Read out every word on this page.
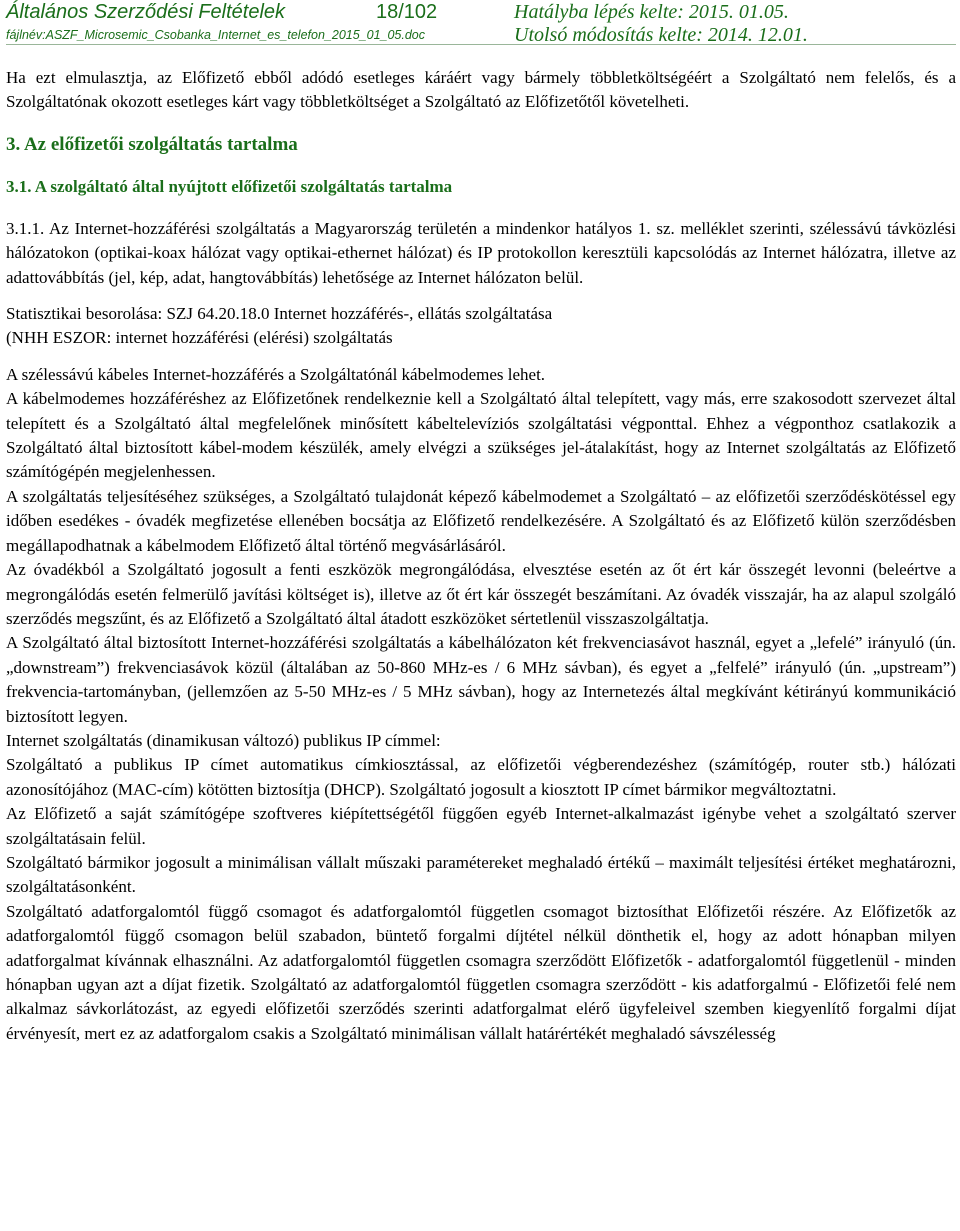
Általános Szerződési Feltételek	18/102	Hatályba lépés kelte: 2015. 01.05.
fájlnév:ASZF_Microsemic_Csobanka_Internet_es_telefon_2015_01_05.doc	Utolsó módosítás kelte: 2014. 12.01.

Ha ezt elmulasztja, az Előfizető ebből adódó esetleges káráért vagy bármely többletköltségéért a Szolgáltató nem felelős, és a Szolgáltatónak okozott esetleges kárt vagy többletköltséget a Szolgáltató az Előfizetőtől követelheti.

3. Az előfizetői szolgáltatás tartalma
3.1. A szolgáltató által nyújtott előfizetői szolgáltatás tartalma

3.1.1. Az Internet-hozzáférési szolgáltatás a Magyarország területén a mindenkor hatályos 1. sz. melléklet szerinti, szélessávú távközlési hálózatokon (optikai-koax hálózat vagy optikai-ethernet hálózat) és IP protokollon keresztüli kapcsolódás az Internet hálózatra, illetve az adattovábbítás (jel, kép, adat, hangtovábbítás) lehetősége az Internet hálózaton belül.

Statisztikai besorolása: SZJ 64.20.18.0 Internet hozzáférés-, ellátás szolgáltatása

(NHH ESZOR: internet hozzáférési (elérési) szolgáltatás

A szélessávú kábeles Internet-hozzáférés a Szolgáltatónál kábelmodemes lehet.

A kábelmodemes hozzáféréshez az Előfizetőnek rendelkeznie kell a Szolgáltató által telepített, vagy más, erre szakosodott szervezet által telepített és a Szolgáltató által megfelelőnek minősített kábeltelevíziós szolgáltatási végponttal. Ehhez a végponthoz csatlakozik a Szolgáltató által biztosított kábel-modem készülék, amely elvégzi a szükséges jel-átalakítást, hogy az Internet szolgáltatás az Előfizető számítógépén megjelenhessen.

A szolgáltatás teljesítéséhez szükséges, a Szolgáltató tulajdonát képező kábelmodemet a Szolgáltató – az előfizetői szerződéskötéssel egy időben esedékes - óvadék megfizetése ellenében bocsátja az Előfizető rendelkezésére. A Szolgáltató és az Előfizető külön szerződésben megállapodhatnak a kábelmodem Előfizető által történő megvásárlásáról.

Az óvadékból a Szolgáltató jogosult a fenti eszközök megrongálódása, elvesztése esetén az őt ért kár összegét levonni (beleértve a megrongálódás esetén felmerülő javítási költséget is), illetve az őt ért kár összegét beszámítani. Az óvadék visszajár, ha az alapul szolgáló szerződés megszűnt, és az Előfizető a Szolgáltató által átadott eszközöket sértetlenül visszaszolgáltatja.

A Szolgáltató által biztosított Internet-hozzáférési szolgáltatás a kábelhálózaton két frekvenciasávot használ, egyet a „lefelé” irányuló (ún. „downstream”) frekvenciasávok közül (általában az 50-860 MHz-es / 6 MHz sávban), és egyet a „felfelé” irányuló (ún. „upstream”) frekvencia-tartományban, (jellemzően az 5-50 MHz-es / 5 MHz sávban), hogy az Internetezés által megkívánt kétirányú kommunikáció biztosított legyen.

Internet szolgáltatás (dinamikusan változó) publikus IP címmel:

Szolgáltató a publikus IP címet automatikus címkiosztással, az előfizetői végberendezéshez (számítógép, router stb.) hálózati azonosítójához (MAC-cím) kötötten biztosítja (DHCP). Szolgáltató jogosult a kiosztott IP címet bármikor megváltoztatni.

Az Előfizető a saját számítógépe szoftveres kiépítettségétől függően egyéb Internet-alkalmazást igénybe vehet a szolgáltató szerver szolgáltatásain felül.

Szolgáltató bármikor jogosult a minimálisan vállalt műszaki paramétereket meghaladó értékű – maximált teljesítési értéket meghatározni, szolgáltatásonként.

Szolgáltató adatforgalomtól függő csomagot és adatforgalomtól független csomagot biztosíthat Előfizetői részére. Az Előfizetők az adatforgalomtól függő csomagon belül szabadon, büntető forgalmi díjtétel nélkül dönthetik el, hogy az adott hónapban milyen adatforgalmat kívánnak elhasználni. Az adatforgalomtól független csomagra szerződött Előfizetők - adatforgalomtól függetlenül - minden hónapban ugyan azt a díjat fizetik. Szolgáltató az adatforgalomtól független csomagra szerződött - kis adatforgalmú - Előfizetői felé nem alkalmaz sávkorlátozást, az egyedi előfizetői szerződés szerinti adatforgalmat elérő ügyfeleivel szemben kiegyenlítő forgalmi díjat érvényesít, mert ez az adatforgalom csakis a Szolgáltató minimálisan vállalt határértékét meghaladó sávszélesség
